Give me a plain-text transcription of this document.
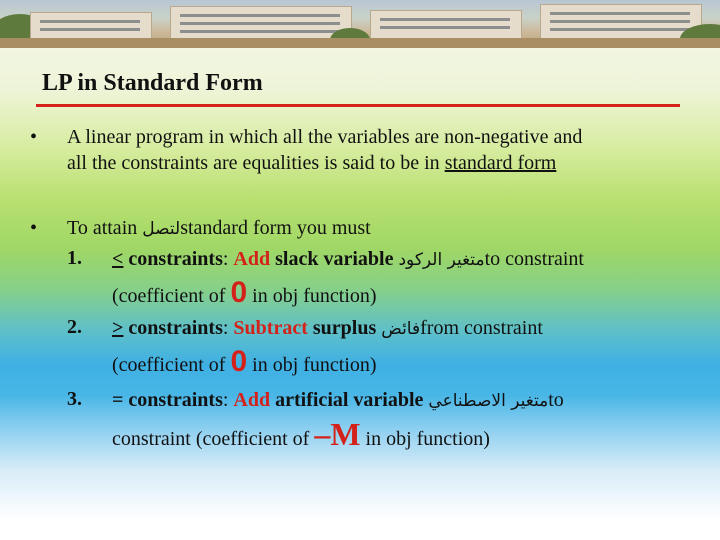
LP in Standard Form
• A linear program in which all the variables are non-negative and
all the constraints are equalities is said to be in standard form
• To attain لتصلstandard form you must
1. < constraints: Add slack variable متغير الركودto constraint
(coefficient of 0 in obj function)
2. > constraints: Subtract surplus فائضfrom constraint
(coefficient of 0 in obj function)
3. = constraints: Add artificial variable متغير الاصطناعيto
constraint (coefficient of –M in obj function)
